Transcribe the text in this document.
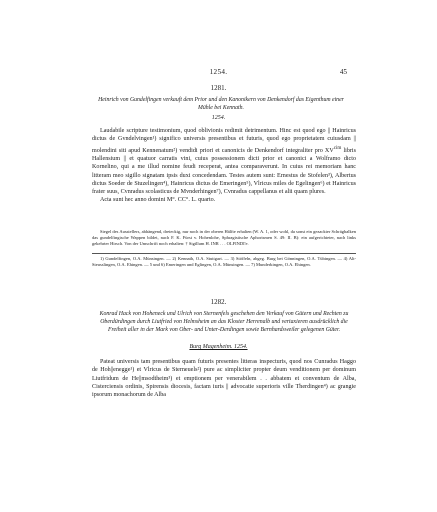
1254.	45
1281.
Heinrich von Gundelfingen verkauft dem Prior und den Kanonikern von Denkendorf das Eigenthum einer Mühle bei Kennath.
1254.

Laudabile scripture testimonium, quod oblivionis redimit detrimentum. Hinc est quod ego || Hainricus dictus de Gvndelvingen¹) significo universis presentibus et futuris, quod ego proprietatem cuiusdam || molendini siti apud Kennenatum²) vendidi priori et canonicis de Denkendorf integraliter pro $XV^{cim}$ libris Hallensium || et quatuor carratis vini, cuius possessionem dicti prior et canonici a Wolframo dicto Kornelino, qui a me illud nomine feudi receperat, antea comparaverunt. In cuius rei memoriam hanc litteram meo sigillo signatam ipsis duxi concedendam. Testes autem sunt: Ernestus de Stofelen³), Albertus dictus Soeder de Stuzelingen⁴), Hainricus dictus de Emeringen⁵), Vlricus miles de Egelingen⁶) et Hainricus frater suus, Cvnradus scolasticus de Mvnderhingen⁷), Cvnradus cappellanus et alii quam plures.

Acta sunt hec anno domini M°. CC°. L. quarto.

Siegel des Ausstellers, abhängend, dreieckig, nur noch in der oberen Hälfte erhalten (W. A. 1, oder wohl, da sonst ein gezackter Schrägbalken das gundelfingische Wappen bildet, nach F. K. Fürst v. Hohenlohe, Sphragistische Aphorismen S. 49: II. B): ein aufgerichteter, nach links gekehrter Hirsch. Von der Umschrift noch erhalten: † Sigillum H. INR . . . OLFINDI'e.

1) Gundelfingen, O.A. Münsingen. — 2) Kennath, O.A. Stuttgart. — 3) Stöffeln, abgeg. Burg bei Gönningen, O.A. Tübingen. — 4) Alt-Steusslingen, O.A. Ehingen. — 5 und 6) Emeringen und Eglingen, O.A. Münsingen. — 7) Munderkingen, O.A. Ehingen.

1282.
Konrad Hack von Hoheneck und Ulrich von Sternenfels geschehen den Verkauf von Gütern und Rechten zu Oberdürdingen durch Liutfried von Helmsheim an das Kloster Herrenalb und vertaxieren ausdrücklich die Freiheit aller in der Mark von Ober- und Unter-Derdingen sowie Bernhardsweiler gelegenen Güter.
Burg Magenheim. 1254.

Pateat universis tam presentibus quam futuris presentes litteras inspecturis, quod nos Cunradus Haggo de Hoh||enegge¹) et Vlricus de Sterneuels²) pure ac simpliciter propter deum venditionem per dominum Liutfridum de He||msodtheim³) et emptionem per venerabilem . . abbatem et conventum de Alba, Cisterciensis ordinis, Spirensis diocesis, factam iuris || advocatie superioris ville Therdingen⁴) ac grangie ipsorum monachorum de Alba
